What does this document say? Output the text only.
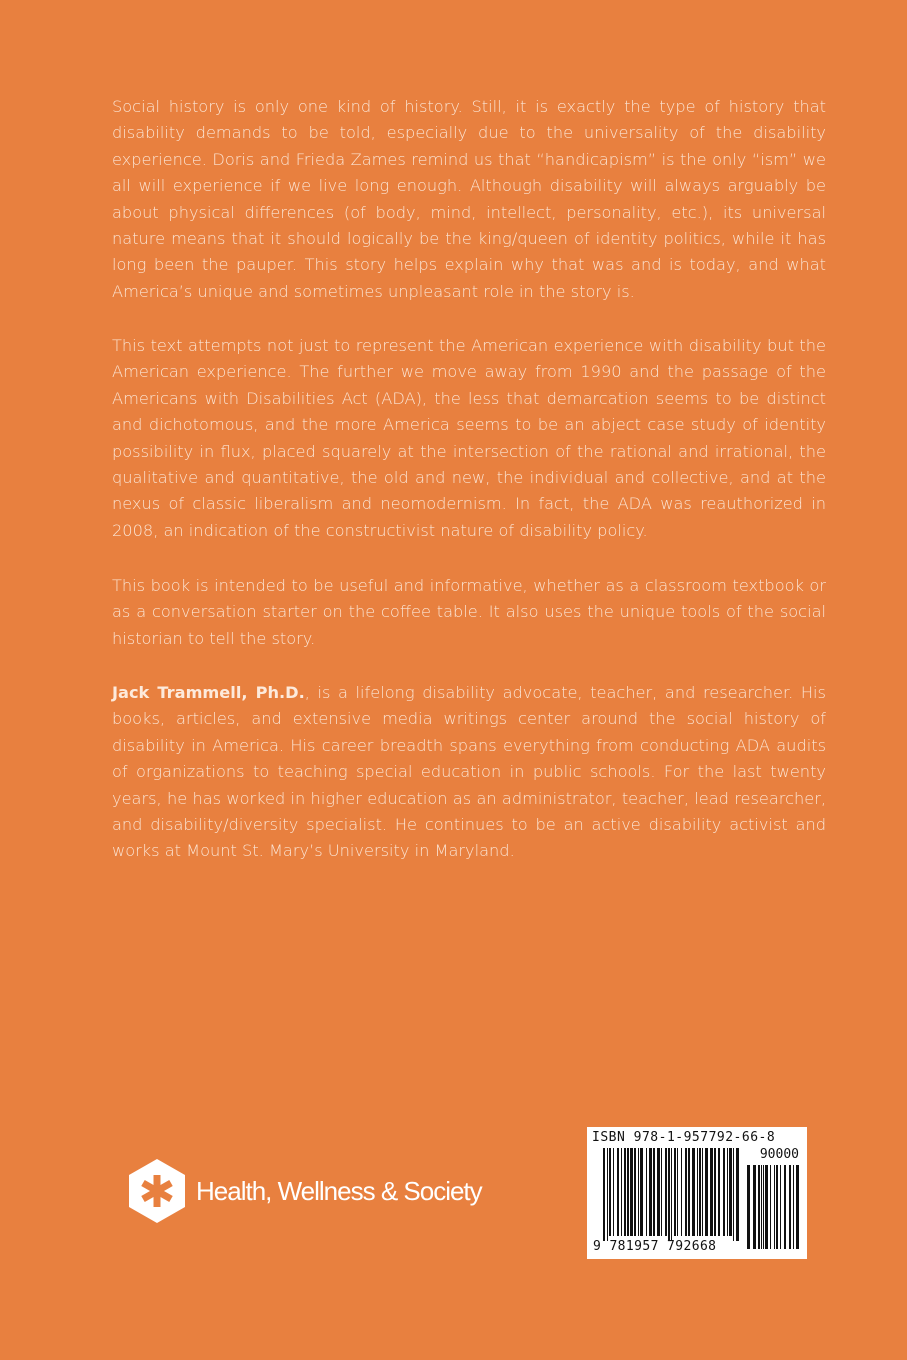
Social history is only one kind of history. Still, it is exactly the type of history that disability demands to be told, especially due to the universality of the disability experience. Doris and Frieda Zames remind us that “handicapism” is the only “ism” we all will experience if we live long enough. Although disability will always arguably be about physical differences (of body, mind, intellect, personality, etc.), its universal nature means that it should logically be the king/queen of identity politics, while it has long been the pauper. This story helps explain why that was and is today, and what America’s unique and sometimes unpleasant role in the story is.
This text attempts not just to represent the American experience with disability but the American experience. The further we move away from 1990 and the passage of the Americans with Disabilities Act (ADA), the less that demarcation seems to be distinct and dichotomous, and the more America seems to be an abject case study of identity possibility in flux, placed squarely at the intersection of the rational and irrational, the qualitative and quantitative, the old and new, the individual and collective, and at the nexus of classic liberalism and neomodernism. In fact, the ADA was reauthorized in 2008, an indication of the constructivist nature of disability policy.
This book is intended to be useful and informative, whether as a classroom textbook or as a conversation starter on the coffee table. It also uses the unique tools of the social historian to tell the story.
Jack Trammell, Ph.D., is a lifelong disability advocate, teacher, and researcher. His books, articles, and extensive media writings center around the social history of disability in America. His career breadth spans everything from conducting ADA audits of organizations to teaching special education in public schools. For the last twenty years, he has worked in higher education as an administrator, teacher, lead researcher, and disability/diversity specialist. He continues to be an active disability activist and works at Mount St. Mary’s University in Maryland.
Health, Wellness & Society
ISBN 978-1-957792-66-8
90000
9 781957 792668
